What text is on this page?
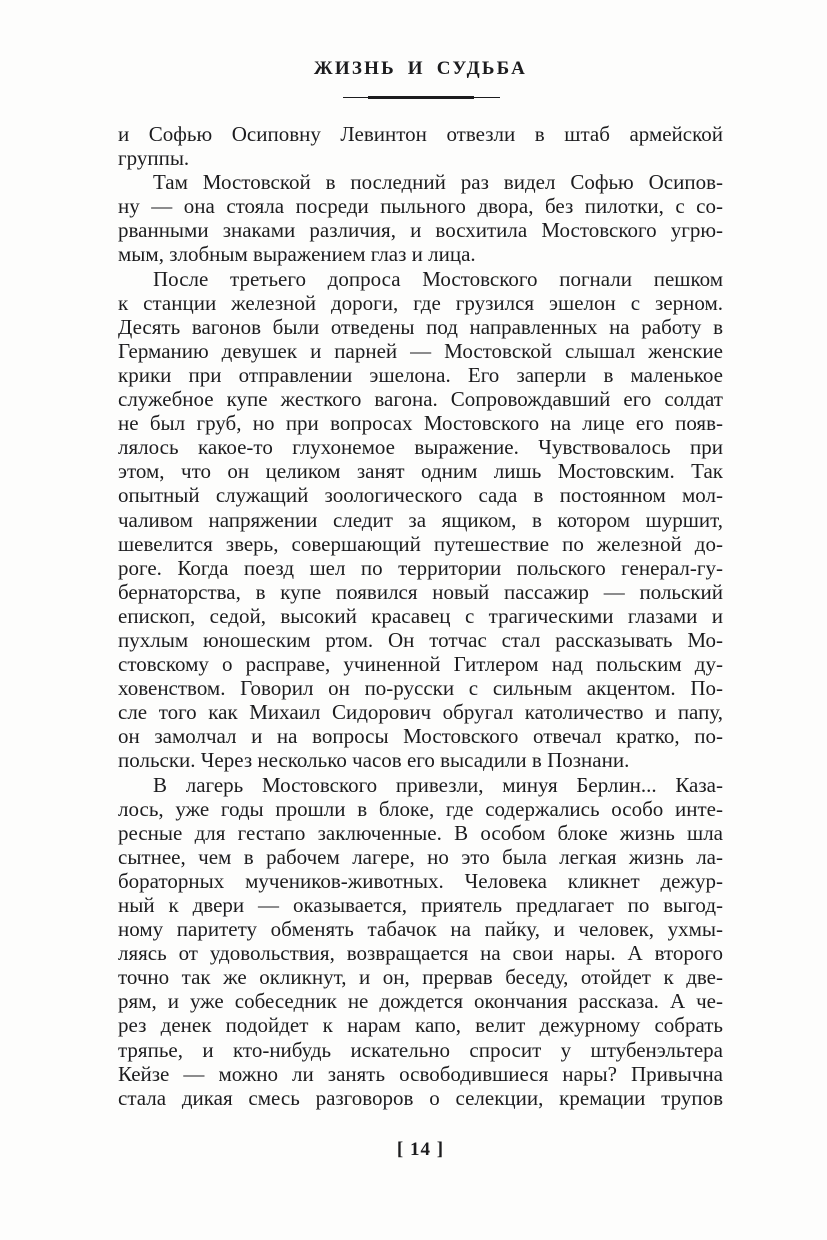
ЖИЗНЬ И СУДЬБА
и Софью Осиповну Левинтон отвезли в штаб армейской
группы.
Там Мостовской в последний раз видел Софью Осипов-
ну — она стояла посреди пыльного двора, без пилотки, с со-
рванными знаками различия, и восхитила Мостовского угрю-
мым, злобным выражением глаз и лица.
После третьего допроса Мостовского погнали пешком
к станции железной дороги, где грузился эшелон с зерном.
Десять вагонов были отведены под направленных на работу в
Германию девушек и парней — Мостовской слышал женские
крики при отправлении эшелона. Его заперли в маленькое
служебное купе жесткого вагона. Сопровождавший его солдат
не был груб, но при вопросах Мостовского на лице его появ-
лялось какое-то глухонемое выражение. Чувствовалось при
этом, что он целиком занят одним лишь Мостовским. Так
опытный служащий зоологического сада в постоянном мол-
чаливом напряжении следит за ящиком, в котором шуршит,
шевелится зверь, совершающий путешествие по железной до-
роге. Когда поезд шел по территории польского генерал-гу-
бернаторства, в купе появился новый пассажир — польский
епископ, седой, высокий красавец с трагическими глазами и
пухлым юношеским ртом. Он тотчас стал рассказывать Мо-
стовскому о расправе, учиненной Гитлером над польским ду-
ховенством. Говорил он по-русски с сильным акцентом. По-
сле того как Михаил Сидорович обругал католичество и папу,
он замолчал и на вопросы Мостовского отвечал кратко, по-
польски. Через несколько часов его высадили в Познани.
В лагерь Мостовского привезли, минуя Берлин... Каза-
лось, уже годы прошли в блоке, где содержались особо инте-
ресные для гестапо заключенные. В особом блоке жизнь шла
сытнее, чем в рабочем лагере, но это была легкая жизнь ла-
бораторных мучеников-животных. Человека кликнет дежур-
ный к двери — оказывается, приятель предлагает по выгод-
ному паритету обменять табачок на пайку, и человек, ухмы-
ляясь от удовольствия, возвращается на свои нары. А второго
точно так же окликнут, и он, прервав беседу, отойдет к две-
рям, и уже собеседник не дождется окончания рассказа. А че-
рез денек подойдет к нарам капо, велит дежурному собрать
тряпье, и кто-нибудь искательно спросит у штубенэльтера
Кейзе — можно ли занять освободившиеся нары? Привычна
стала дикая смесь разговоров о селекции, кремации трупов
[ 14 ]
